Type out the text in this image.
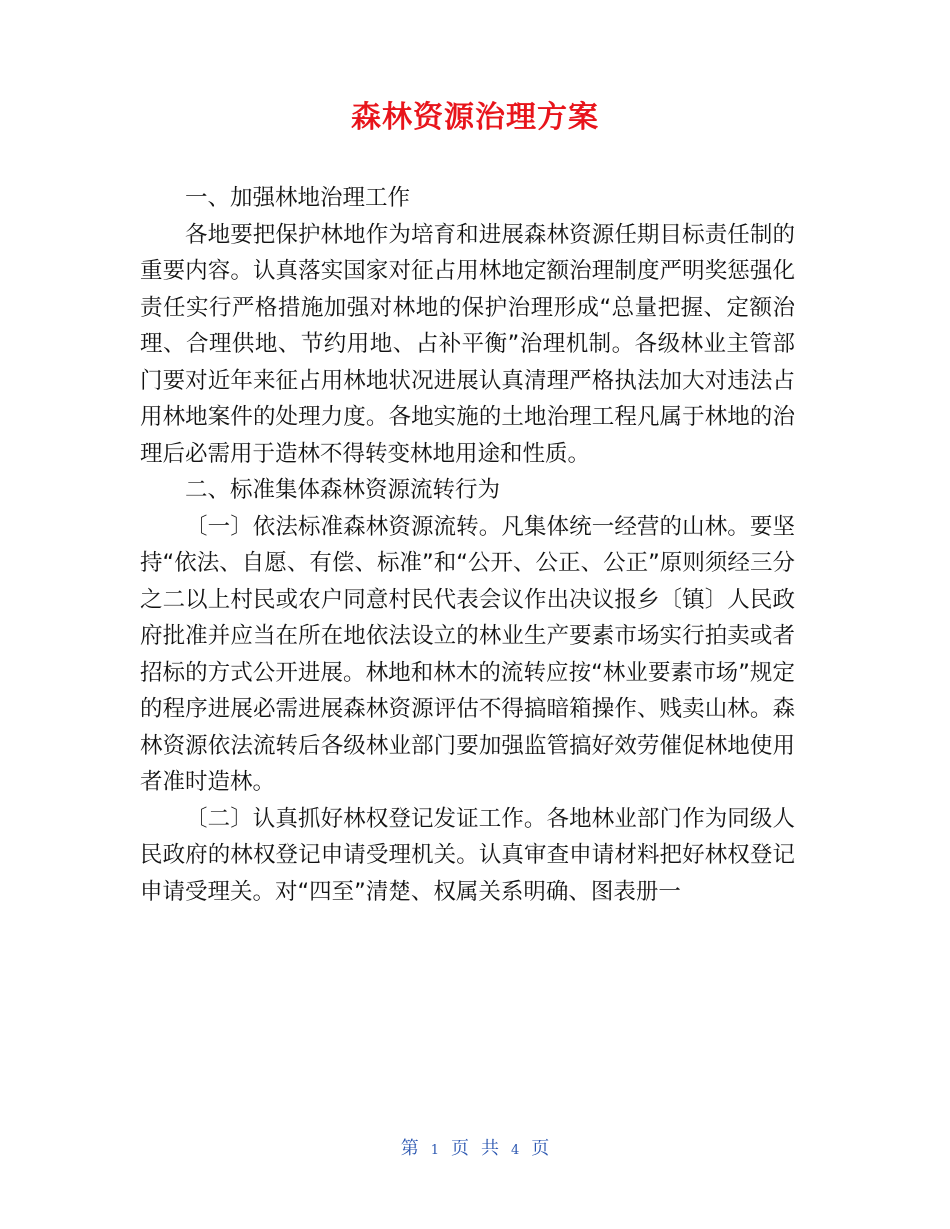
森林资源治理方案

一、加强林地治理工作

各地要把保护林地作为培育和进展森林资源任期目标责任制的重要内容。认真落实国家对征占用林地定额治理制度严明奖惩强化责任实行严格措施加强对林地的保护治理形成“总量把握、定额治理、合理供地、节约用地、占补平衡”治理机制。各级林业主管部门要对近年来征占用林地状况进展认真清理严格执法加大对违法占用林地案件的处理力度。各地实施的土地治理工程凡属于林地的治理后必需用于造林不得转变林地用途和性质。

二、标准集体森林资源流转行为

〔一〕依法标准森林资源流转。凡集体统一经营的山林。要坚持“依法、自愿、有偿、标准”和“公开、公正、公正”原则须经三分之二以上村民或农户同意村民代表会议作出决议报乡〔镇〕人民政府批准并应当在所在地依法设立的林业生产要素市场实行拍卖或者招标的方式公开进展。林地和林木的流转应按“林业要素市场”规定的程序进展必需进展森林资源评估不得搞暗箱操作、贱卖山林。森林资源依法流转后各级林业部门要加强监管搞好效劳催促林地使用者准时造林。

〔二〕认真抓好林权登记发证工作。各地林业部门作为同级人民政府的林权登记申请受理机关。认真审查申请材料把好林权登记申请受理关。对“四至”清楚、权属关系明确、图表册一

第 1 页 共 4 页
